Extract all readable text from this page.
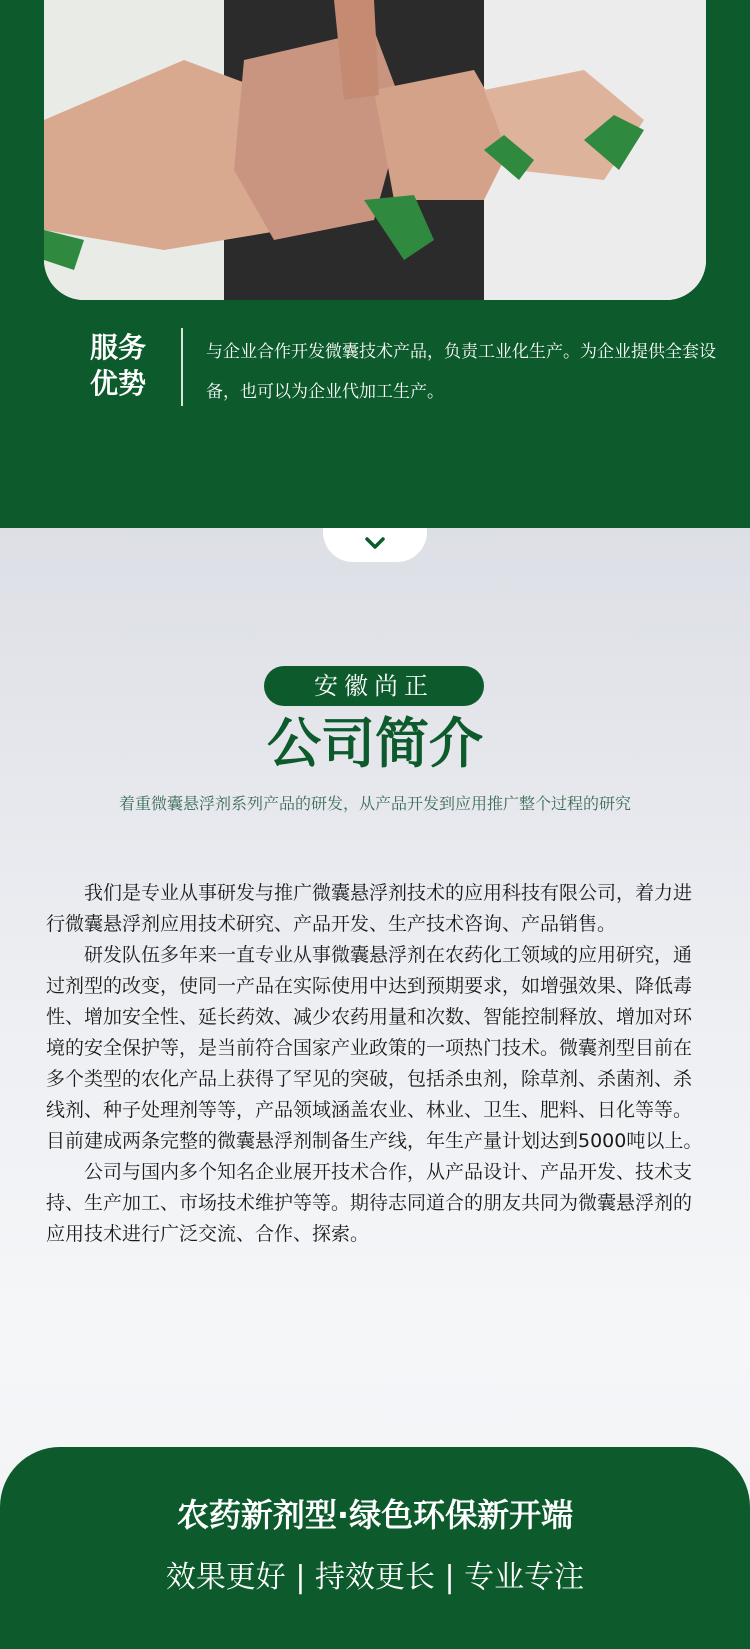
服务
优势
与企业合作开发微囊技术产品，负责工业化生产。为企业提供全套设备，也可以为企业代加工生产。
安徽尚正
公司简介
着重微囊悬浮剂系列产品的研发，从产品开发到应用推广整个过程的研究

我们是专业从事研发与推广微囊悬浮剂技术的应用科技有限公司，着力进行微囊悬浮剂应用技术研究、产品开发、生产技术咨询、产品销售。

研发队伍多年来一直专业从事微囊悬浮剂在农药化工领域的应用研究，通过剂型的改变，使同一产品在实际使用中达到预期要求，如增强效果、降低毒性、增加安全性、延长药效、减少农药用量和次数、智能控制释放、增加对环境的安全保护等，是当前符合国家产业政策的一项热门技术。微囊剂型目前在多个类型的农化产品上获得了罕见的突破，包括杀虫剂，除草剂、杀菌剂、杀线剂、种子处理剂等等，产品领域涵盖农业、林业、卫生、肥料、日化等等。目前建成两条完整的微囊悬浮剂制备生产线，年生产量计划达到5000吨以上。

公司与国内多个知名企业展开技术合作，从产品设计、产品开发、技术支持、生产加工、市场技术维护等等。期待志同道合的朋友共同为微囊悬浮剂的应用技术进行广泛交流、合作、探索。

农药新剂型·绿色环保新开端
效果更好 | 持效更长 | 专业专注
